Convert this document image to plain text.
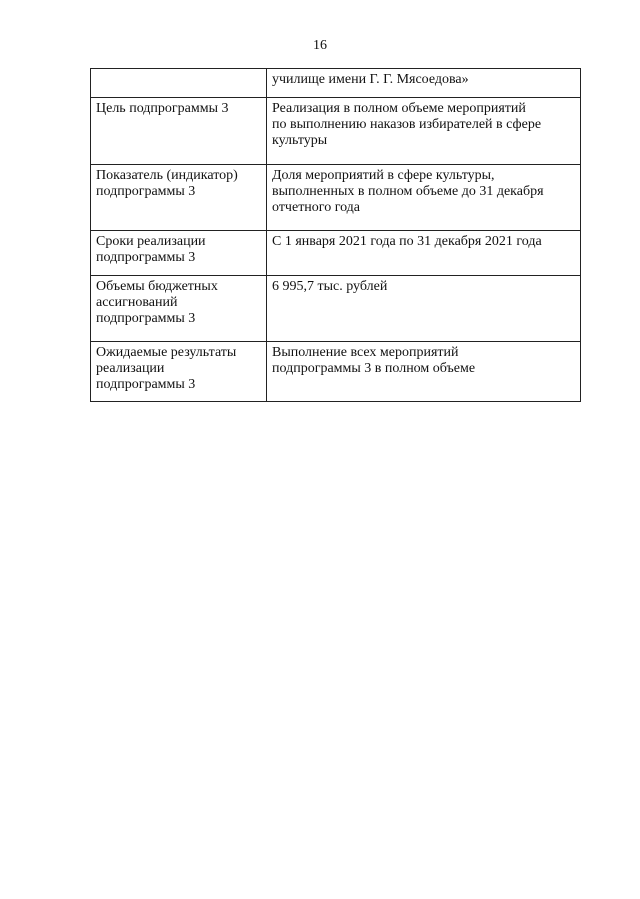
16

	училище имени Г. Г. Мясоедова»

Цель подпрограммы 3	Реализация в полном объеме мероприятий
по выполнению наказов избирателей в сфере
культуры

Показатель (индикатор)
подпрограммы 3	Доля мероприятий в сфере культуры,
выполненных в полном объеме до 31 декабря
отчетного года

Сроки реализации
подпрограммы 3	С 1 января 2021 года по 31 декабря 2021 года

Объемы бюджетных
ассигнований
подпрограммы 3	6 995,7 тыс. рублей

Ожидаемые результаты
реализации
подпрограммы 3	Выполнение всех мероприятий
подпрограммы 3 в полном объеме
